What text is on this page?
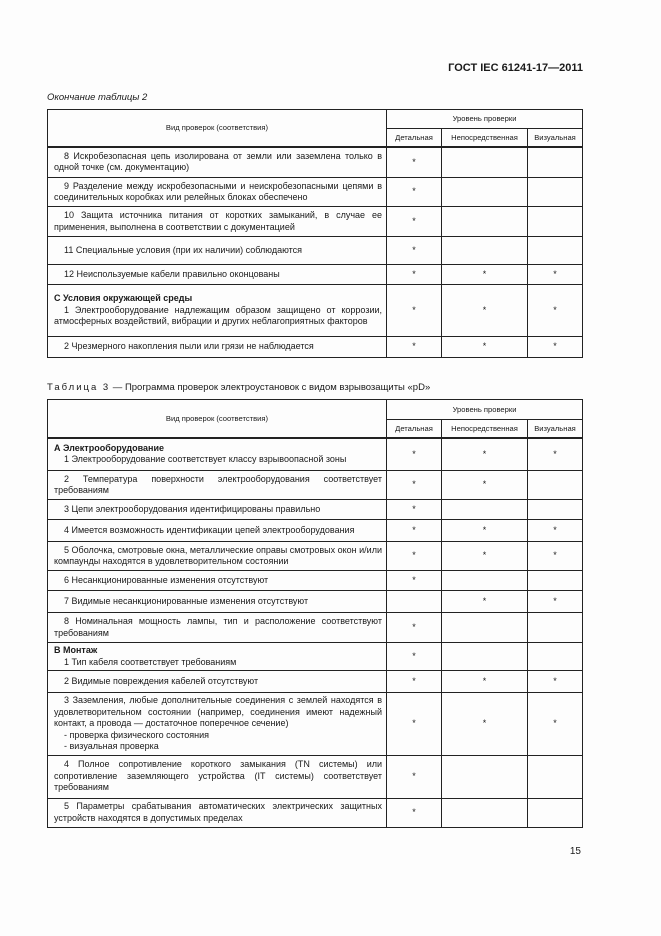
ГОСТ IEC 61241-17—2011
Окончание таблицы 2
Вид проверок (соответствия)	Уровень проверки		
	Детальная	Непосредственная	Визуальная

8 Искробезопасная цепь изолирована от земли или заземлена только в одной точке (см. документацию)	*		

9 Разделение между искробезопасными и неискробезопасными цепями в соединительных коробках или релейных блоках обеспечено	*		

10 Защита источника питания от коротких замыканий, в случае ее применения, выполнена в соответствии с документацией	*		

11 Специальные условия (при их наличии) соблюдаются	*		

12 Неиспользуемые кабели правильно оконцованы	*	*	*

С Условия окружающей среды
1 Электрооборудование надлежащим образом защищено от коррозии, атмосферных воздействий, вибрации и других неблагоприятных факторов	*	*	*

2 Чрезмерного накопления пыли или грязи не наблюдается	*	*	*
Таблица 3 — Программа проверок электроустановок с видом взрывозащиты «pD»
Вид проверок (соответствия)	Уровень проверки		
	Детальная	Непосредственная	Визуальная

А Электрооборудование
1 Электрооборудование соответствует классу взрывоопасной зоны	*	*	*

2 Температура поверхности электрооборудования соответствует требованиям	*	*	

3 Цепи электрооборудования идентифицированы правильно	*		

4 Имеется возможность идентификации цепей электрооборудования	*	*	*

5 Оболочка, смотровые окна, металлические оправы смотровых окон и/или компаунды находятся в удовлетворительном состоянии	*	*	*

6 Несанкционированные изменения отсутствуют	*		

7 Видимые несанкционированные изменения отсутствуют		*	*

8 Номинальная мощность лампы, тип и расположение соответствуют требованиям	*		

В Монтаж
1 Тип кабеля соответствует требованиям	*		

2 Видимые повреждения кабелей отсутствуют	*	*	*

3 Заземления, любые дополнительные соединения с землей находятся в удовлетворительном состоянии (например, соединения имеют надежный контакт, а провода — достаточное поперечное сечение)
- проверка физического состояния
- визуальная проверка	*	*	*

4 Полное сопротивление короткого замыкания (TN системы) или сопротивление заземляющего устройства (IT системы) соответствует требованиям	*		

5 Параметры срабатывания автоматических электрических защитных устройств находятся в допустимых пределах	*		
15
